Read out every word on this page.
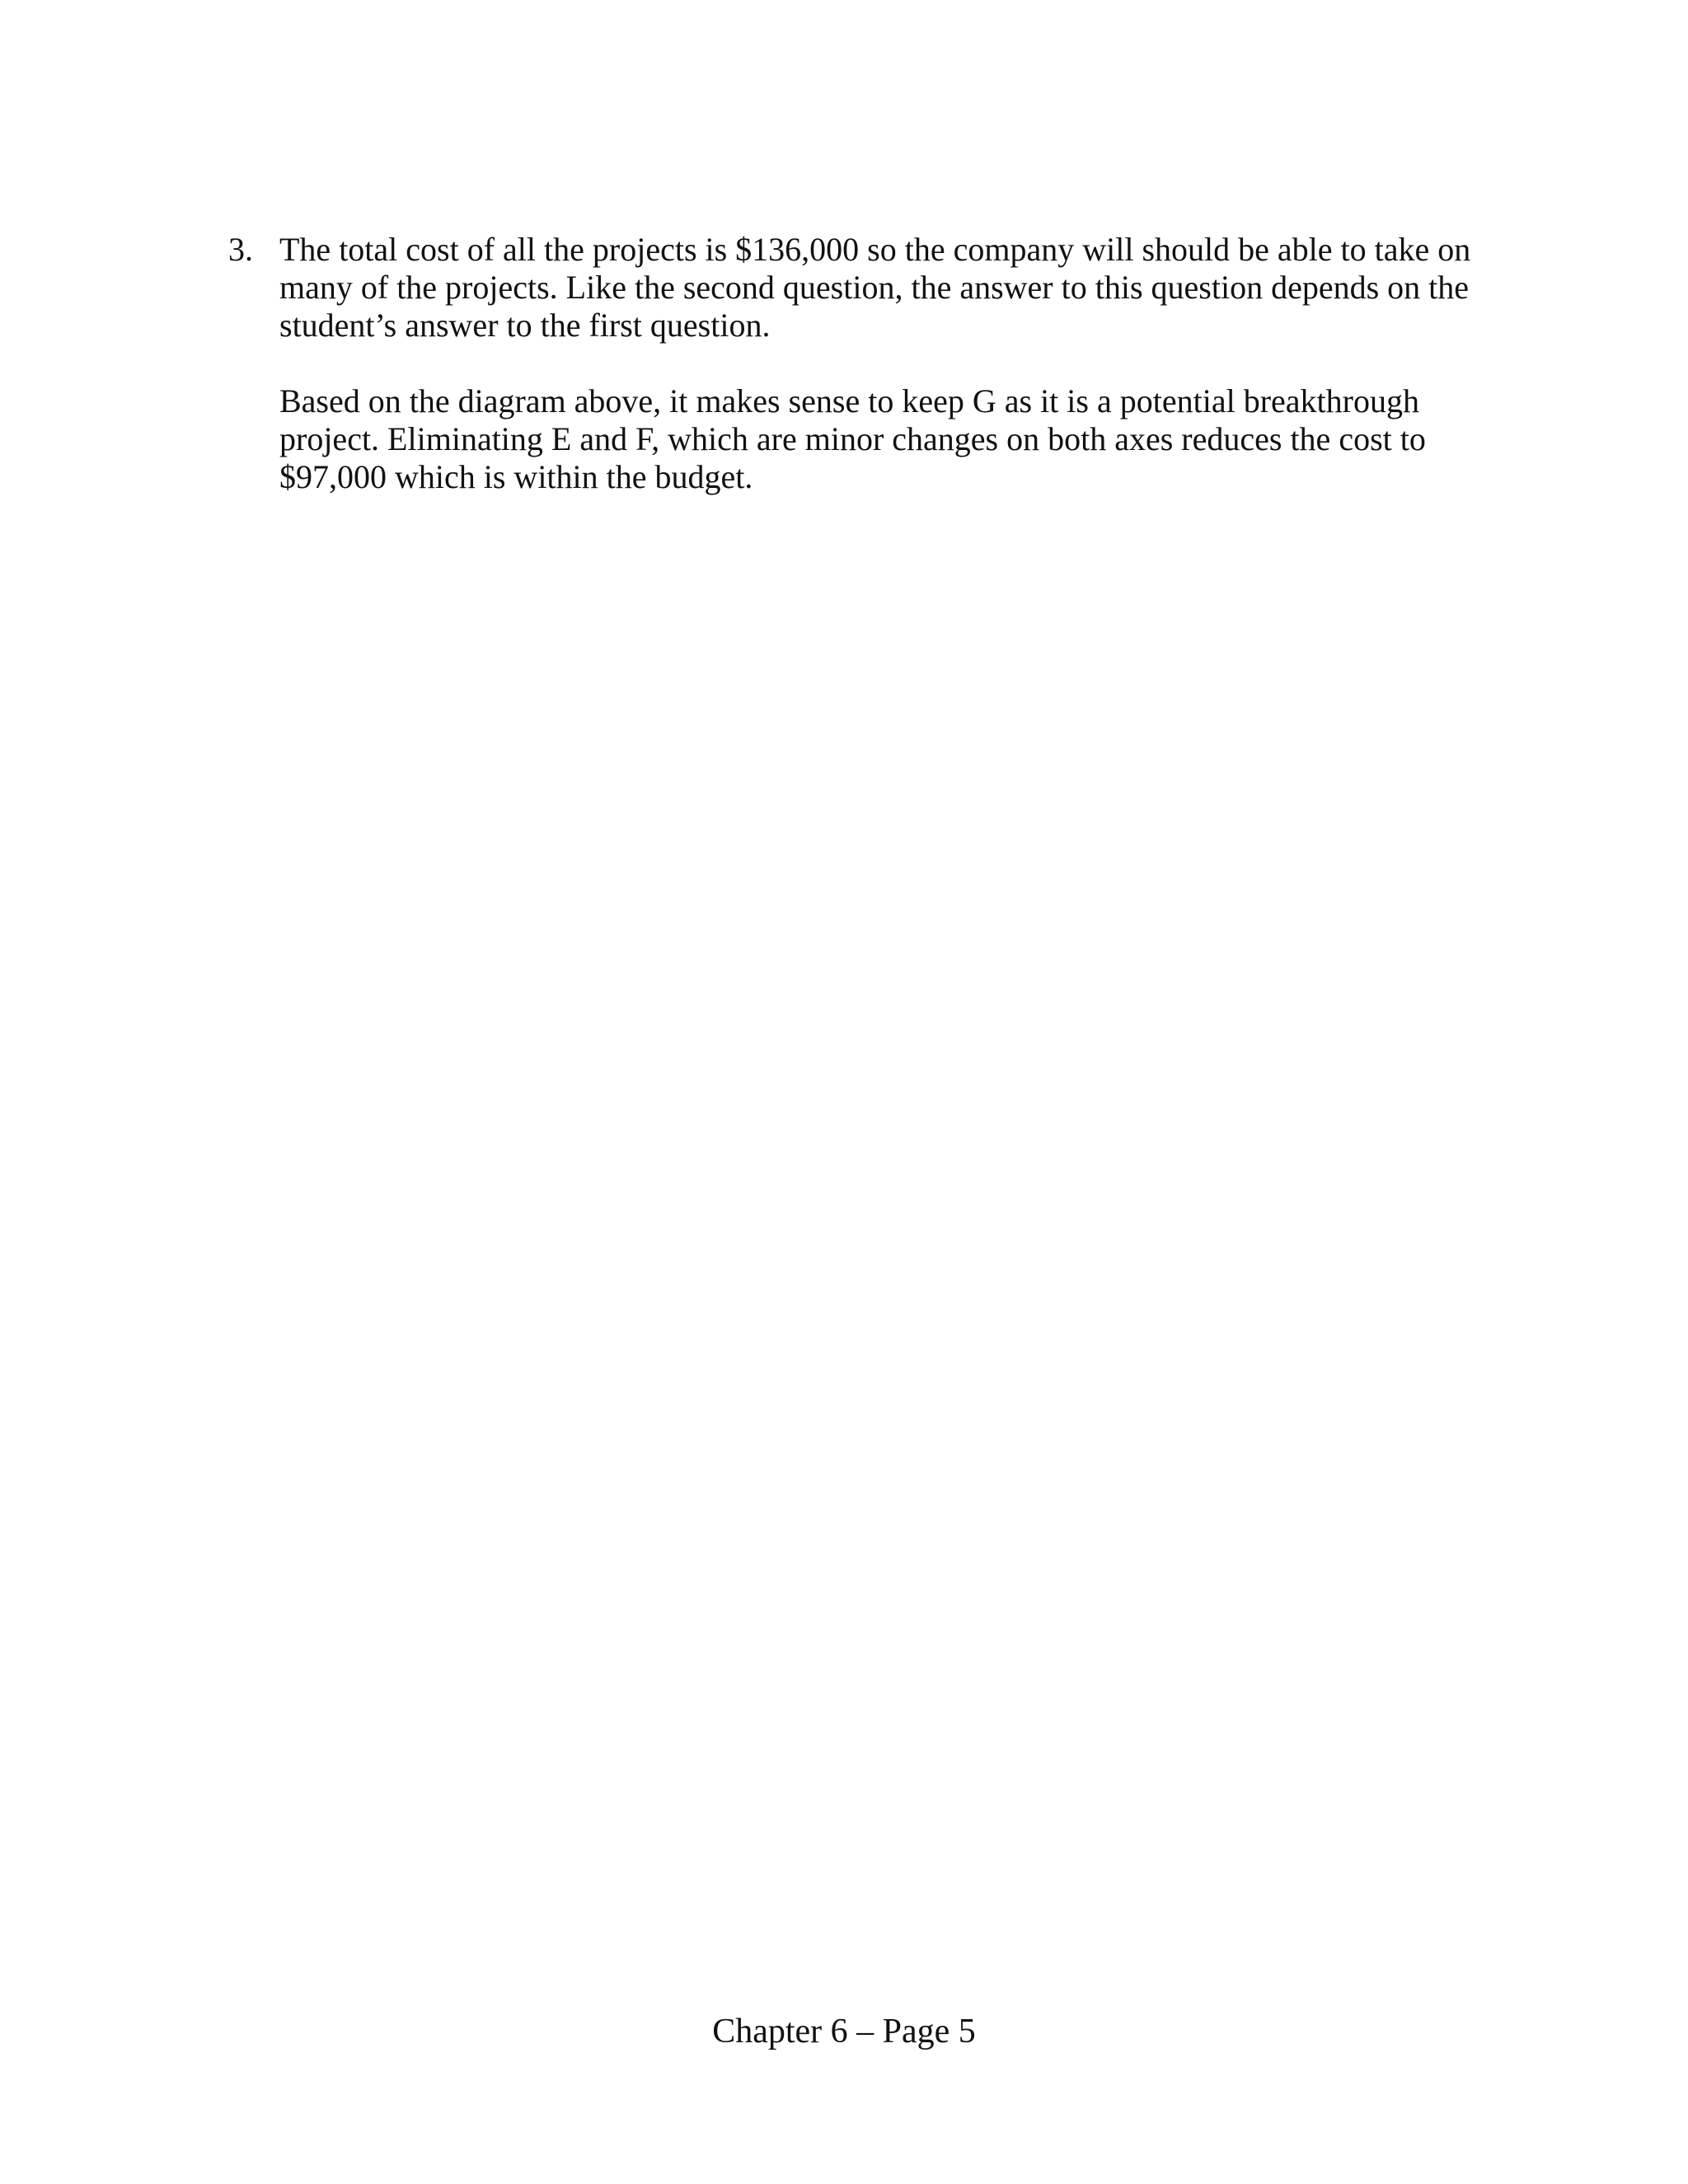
3. The total cost of all the projects is $136,000 so the company will should be able to take on
many of the projects. Like the second question, the answer to this question depends on the
student’s answer to the first question.

Based on the diagram above, it makes sense to keep G as it is a potential breakthrough
project. Eliminating E and F, which are minor changes on both axes reduces the cost to
$97,000 which is within the budget.

Chapter 6 – Page 5
